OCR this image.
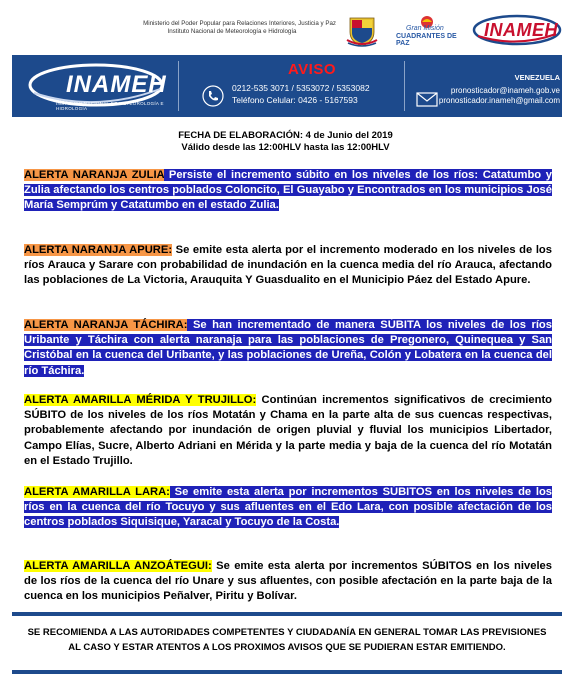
Ministerio del Poder Popular para Relaciones Interiores, Justicia y Paz
Instituto Nacional de Meteorología e Hidrología	Gran Misión
CUADRANTES DE PAZ
INAMEH
INAMEH
INSTITUTO NACIONAL DE METEOROLOGÍA E HIDROLOGÍA
AVISO
0212-535 3071 / 5353072 / 5353082
Teléfono Celular: 0426 - 5167593
VENEZUELA
pronosticador@inameh.gob.ve
pronosticador.inameh@gmail.com
FECHA DE ELABORACIÓN: 4 de Junio del 2019
Válido desde las 12:00HLV hasta las 12:00HLV
ALERTA NARANJA ZULIA Persiste el incremento súbito en los niveles de los ríos: Catatumbo y Zulia afectando los centros poblados Coloncito, El Guayabo y Encontrados en los municipios José María Semprúm y Catatumbo en el estado Zulia.
ALERTA NARANJA APURE: Se emite esta alerta por el incremento moderado en los niveles de los ríos Arauca y Sarare con probabilidad de inundación en la cuenca media del río Arauca, afectando las poblaciones de La Victoria, Arauquita Y Guasdualito en el Municipio Páez del Estado Apure.
ALERTA NARANJA TÁCHIRA: Se han incrementado de manera SÚBITA los niveles de los ríos Uribante y Táchira con alerta naranaja para las poblaciones de Pregonero, Quinequea y San Cristóbal en la cuenca del Uribante, y las poblaciones de Ureña, Colón y Lobatera en la cuenca del río Táchira.
ALERTA AMARILLA MÉRIDA Y TRUJILLO: Continúan incrementos significativos de crecimiento SÚBITO de los niveles de los ríos Motatán y Chama en la parte alta de sus cuencas respectivas, probablemente afectando por inundación de origen pluvial y fluvial los municipios Libertador, Campo Elías, Sucre, Alberto Adriani en Mérida y la parte media y baja de la cuenca del río Motatán en el Estado Trujillo.
ALERTA AMARILLA LARA: Se emite esta alerta por incrementos SÚBITOS en los niveles de los ríos en la cuenca del río Tocuyo y sus afluentes en el Edo Lara, con posible afectación de los centros poblados Siquisique, Yaracal y Tocuyo de la Costa.
ALERTA AMARILLA ANZOÁTEGUI: Se emite esta alerta por incrementos SÚBITOS en los niveles de los ríos de la cuenca del río Unare y sus afluentes, con posible afectación en la parte baja de la cuenca en los municipios Peñalver, Piritu y Bolívar.
SE RECOMIENDA A LAS AUTORIDADES COMPETENTES Y CIUDADANÍA EN GENERAL TOMAR LAS PREVISIONES AL CASO Y ESTAR ATENTOS A LOS PROXIMOS AVISOS QUE SE PUDIERAN ESTAR EMITIENDO.
